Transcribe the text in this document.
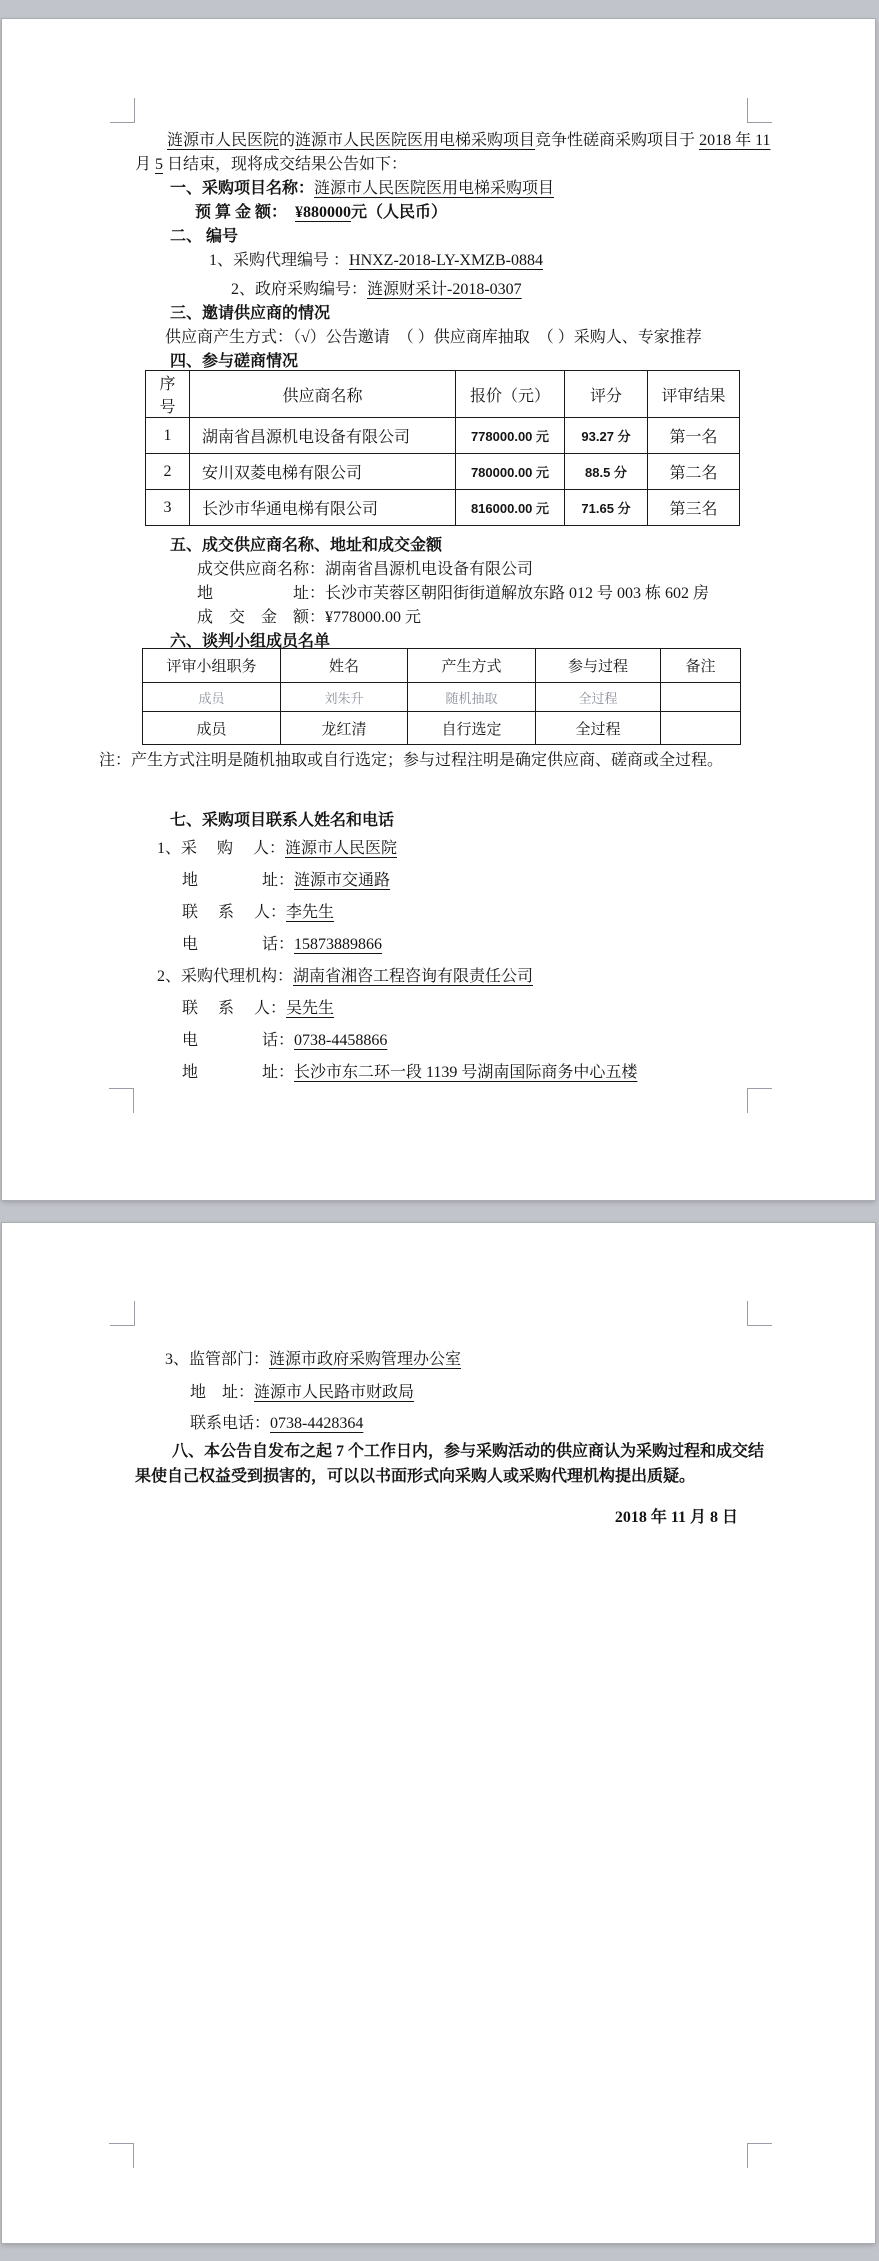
涟源市人民医院的涟源市人民医院医用电梯采购项目竞争性磋商采购项目于 2018 年 11月 5 日结束，现将成交结果公告如下：
一、采购项目名称：涟源市人民医院医用电梯采购项目
预 算 金 额：  ¥880000元（人民币）
二、 编号
1、采购代理编号 ：HNXZ-2018-LY-XMZB-0884
2、政府采购编号：涟源财采计-2018-0307
三、邀请供应商的情况
供应商产生方式：（√）公告邀请　（ ）供应商库抽取　（ ）采购人、专家推荐
四、参与磋商情况
序号	供应商名称	报价（元）	评分	评审结果
1	湖南省昌源机电设备有限公司	778000.00 元	93.27 分	第一名
2	安川双菱电梯有限公司	780000.00 元	88.5 分	第二名
3	长沙市华通电梯有限公司	816000.00 元	71.65 分	第三名
五、成交供应商名称、地址和成交金额
成交供应商名称：湖南省昌源机电设备有限公司
地　　　　　址：长沙市芙蓉区朝阳街街道解放东路 012 号 003 栋 602 房
成　交　金　额：¥778000.00 元
六、谈判小组成员名单
评审小组职务	姓名	产生方式	参与过程	备注
成员	刘朱升	随机抽取	全过程	
成员	龙红清	自行选定	全过程	
注：产生方式注明是随机抽取或自行选定；参与过程注明是确定供应商、磋商或全过程。
七、采购项目联系人姓名和电话
1、采　 购　 人：涟源市人民医院
地　　　　址：涟源市交通路
联　 系　 人：李先生
电　　　　话：15873889866
2、采购代理机构：湖南省湘咨工程咨询有限责任公司
联　 系　 人：吴先生
电　　　　话：0738-4458866
地　　　　址：长沙市东二环一段 1139 号湖南国际商务中心五楼
3、监管部门：涟源市政府采购管理办公室
地　址：涟源市人民路市财政局
联系电话：0738-4428364
八、本公告自发布之起 7 个工作日内，参与采购活动的供应商认为采购过程和成交结果使自己权益受到损害的，可以以书面形式向采购人或采购代理机构提出质疑。
2018 年 11 月 8 日
